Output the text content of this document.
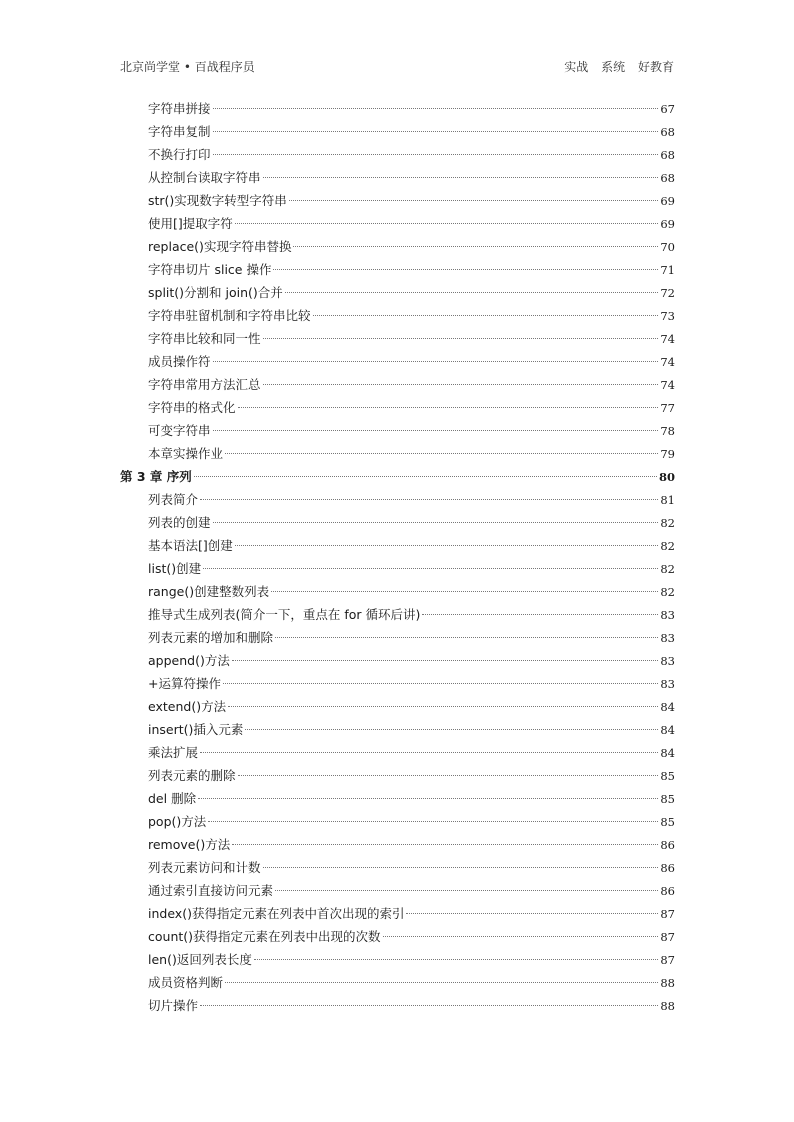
北京尚学堂 • 百战程序员	实战 系统 好教育
字符串拼接	67
字符串复制	68
不换行打印	68
从控制台读取字符串	68
str()实现数字转型字符串	69
使用[]提取字符	69
replace()实现字符串替换	70
字符串切片 slice 操作	71
split()分割和 join()合并	72
字符串驻留机制和字符串比较	73
字符串比较和同一性	74
成员操作符	74
字符串常用方法汇总	74
字符串的格式化	77
可变字符串	78
本章实操作业	79
第 3 章 序列	80
列表简介	81
列表的创建	82
基本语法[]创建	82
list()创建	82
range()创建整数列表	82
推导式生成列表(简介一下，重点在 for 循环后讲)	83
列表元素的增加和删除	83
append()方法	83
+运算符操作	83
extend()方法	84
insert()插入元素	84
乘法扩展	84
列表元素的删除	85
del 删除	85
pop()方法	85
remove()方法	86
列表元素访问和计数	86
通过索引直接访问元素	86
index()获得指定元素在列表中首次出现的索引	87
count()获得指定元素在列表中出现的次数	87
len()返回列表长度	87
成员资格判断	88
切片操作	88
